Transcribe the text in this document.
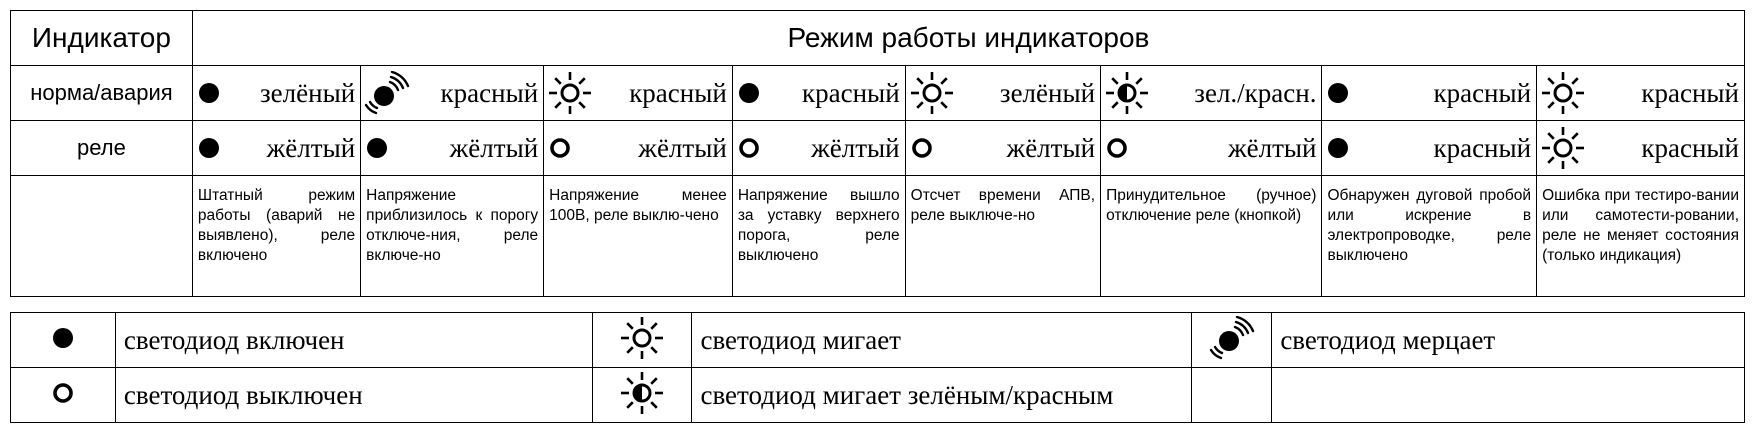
Индикатор	Режим работы индикаторов							
норма/авария	зелёный	красный	красный	красный	зелёный	зел./красн.	красный	красный

реле	жёлтый	жёлтый	жёлтый	жёлтый	жёлтый	жёлтый	красный	красный

	Штатный режим работы (аварий не выявлено), реле включено	Напряжение приблизилось к порогу отключе-ния, реле включе-но	Напряжение менее 100В, реле выклю-чено	Напряжение вышло за уставку верхнего порога, реле выключено	Отсчет времени АПВ, реле выключе-но	Принудительное (ручное) отключение реле (кнопкой)	Обнаружен дуговой пробой или искрение в электропроводке, реле выключено	Ошибка при тестиро-вании или самотести-ровании, реле не меняет состояния (только индикация)
	светодиод включен		светодиод мигает		светодиод мерцает

	светодиод выключен		светодиод мигает зелёным/красным		
